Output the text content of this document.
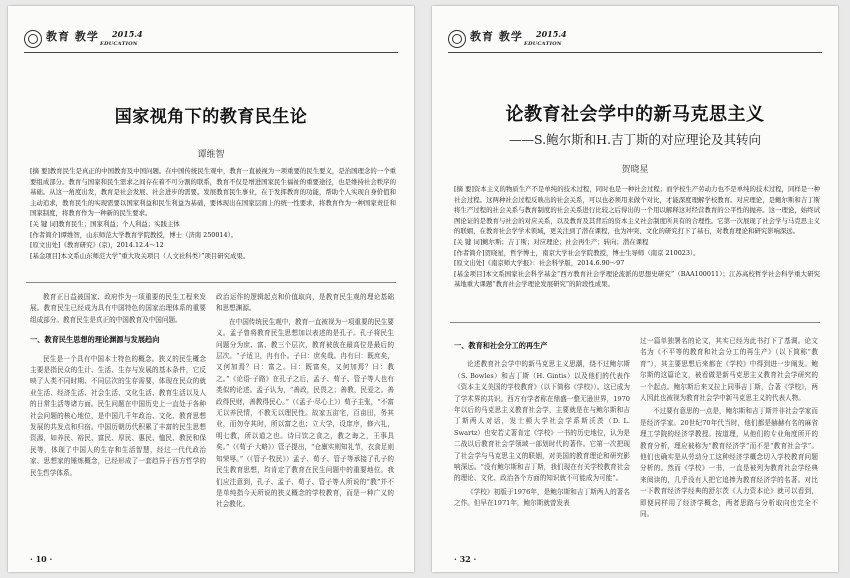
教育 教学 2015.4
EDUCATION
国家视角下的教育民生论
谭维智

[摘 要]教育民生是真正的中国教育及中国问题。在中国传统民生观中，教育一直被视为一项重要的民生要义，是治国理念的一个重要组成部分。教育与国家和民生需求之间存在着不可分割的联系，教育不仅是增进国家民生福祉的重要途径，也是维持社会秩序的基础。从这一角度出发，教育是社会发展、社会进步的需要。发展教育民生事业，在于发挥教育的功能，帮助个人实现自身价值和主动追求，教育民生的实现需要以国家利益和民生利益为基础，要体现出在国家层面上的统一性要求，将教育作为一种国家责任和国家制度，将教育作为一种新的民生要求。

[关 键 词]教育民生；国家利益；个人利益；实践主体

[作者简介]谭维智，山东师范大学教育学院教授，博士（济南 250014）。

[原文出处]《教育研究》(京)，2014.12.4～12

[基金项目]本文系山东师范大学“重大攻关项目（人文社科类）”项目研究成果。

教育正日益被国家、政府作为一项重要的民生工程来发展。教育民生已经成为具有中国特色的国家治理体系的重要组成部分。教育民生是真正的中国教育及中国问题。

一、教育民生思想的理论渊源与发展趋向

民生是一个具有中国本土特色的概念。狭义的民生概念主要是指民众的生计、生活、生存与发展的基本条件，它反映了人类不同时期、不同层次的生存需要，体现在民众的就业生活、经济生活、社会生活、文化生活、教育生活以及人的日常生活等诸方面。民生问题在中国历史上一直处于各种社会问题的核心地位，是中国几千年政治、文化、教育思想发展的共发点和归宿。中国历朝历代积累了丰富的民生思想资源，如养民、裕民、富民、厚民、惠民、恤民、教民和保民等，体现了中国人的生存和生活智慧，经过一代代政治家、思想家的锤炼概念，已经形成了一套趋异于西方哲学的民生哲学体系。

政治运作的逻辑起点和价值取向，是教育民生观的理论基础和思想渊源。

在中国传统民生观中，教育一直被视为一项重要的民生要义。孟子曾将教育民生思想加以表述的是孔子。孔子将民生问题分为庶、富、教三个层次，教育被放在最高位是最后的层次。“子适卫，冉有仆。子曰：庶矣哉。冉有曰：既庶矣，又何加焉？曰：富之。曰：既富矣，又何加焉？曰：教之。”《论语·子路》在孔子之后，孟子、荀子、管子等人也有类似的论述。孟子认为，“善政，民畏之；善教，民爱之。善政得民财，善教得民心。”（《孟子·尽心上》）荀子主张，“不富无以养民情，不教无以理民性。故家五亩宅，百亩田，务其业，而勿夺其时，所以富之也；立大学，设庠序，修六礼，明七教，所以道之也。诗曰饮之食之，教之诲之，王事具矣。”（《荀子·大略》）管子提出，“仓廪实则知礼节，衣食足则知荣辱。”（《管子·牧民》）孟子、荀子、管子等承接了孔子的民生教育思想，均肯定了教育在民生问题中的重要地位。我们应注意到，孔子、孟子、荀子、管子等人所说的“教”并不是单纯指今天所说的狭义概念的学校教育，而是一种广义的社会教化。

· 10 ·
教育 教学 2015.4
EDUCATION
论教育社会学中的新马克思主义
——S.鲍尔斯和H.吉丁斯的对应理论及其转向
贺晓星

[摘 要]资本主义的物质生产不是单纯的技术过程，同时也是一种社会过程；而学校生产劳动力也不是单纯的技术过程，同样是一种社会过程。这两种社会过程反映出的社会关系，可以也必须用来做个对比，才能深度理解学校教育。对应理论，是鲍尔斯和吉丁斯将生产过程的社会关系与教育制度的社会关系进行比较之后得出的一个用以解释这对经营教育的公平性的抛弃。这一理论，始终试图论证的是教育与社会的对应关系，以及教育及其背后的资本主义社会制度所具有的合理性。它第一次展现了社会学与马克思主义的联姻，在教育社会学学术领域，更关注到了潜在课程，也为冲突、文化的研究打下了基石，对教育理论和研究影响深远。

[关 键 词]鲍尔斯；吉丁斯；对应理论；社会再生产；转向；潜在课程

[作者简介]贺晓星，哲学博士，南京大学社会学院教授，博士生导师（南京 210023）。

[原文出处]《南京师大学报》：社会科学版，2014.6.90～97

[基金项目]本文系国家社会科学基金“西方教育社会学理论流派的思想史研究”（BAA100011）；江苏高校哲学社会科学重大研究基地重大课题“教育社会学理论发展研究”的阶段性成果。

一、教育和社会分工的再生产

论述教育社会学中的新马克思主义思潮，绕不过鲍尔斯（S. Bowles）和吉丁斯（H. Gintis）以及他们的代表作《资本主义美国的学校教育》（以下简称《学校》）。这已成为了学术界的共识。西方有学者称在鼎盛一整无逊世界，1970年以后的马克思主义教育社会学，主要就是在与鲍尔斯和吉丁斯两人对话，发士顿大学社会学系斯沃茨（D. L. Swartz）也安若丈著肯定《学校》一书的历史地位，认为是二战以后教育社会学领域一部划时代的著作。它第一次把现了社会学与马克思主义的联姻，对美国的教育理论和研究影响深远。“没有鲍尔斯和吉丁斯，我们现在有关学校教育社会的理论、文化、政治各个方面的知识就不可能成为可能”。

《学校》初版于1976年，是鲍尔斯和吉丁斯两人的著名之作。但早在1971年，鲍尔斯就曾发表

过一篇单独署名的论文，其实已经为此书打下了基调。论文名为《不平等的教育和社会分工的再生产》（以下简称“教育”），其主要思想后来都在《学校》中得到进一步阐发。鲍尔斯的这篇论文，被看做是新马克思主义教育社会学研究的一个起点。鲍尔斯后来又拉上同事吉丁斯，合著《学校》，两人因此也被视为教育社会学中新马克思主义的代表人物。

不过要有意思的一点是，鲍尔斯和吉丁斯并非社会学家而是经济学家。20世纪70年代当时，他们都是赫赫有名的麻省理工学院的经济学教授。按道理，从他们的专业角度所开的教育分析，理应被称为“教育经济学”而不是“教育社会学”。他们也确实是从劳动分工这种经济学概念切入学校教育问题分析的。然而《学校》一书，一直是被列为教育社会学经典来阅读的，几乎没有人把它追捧为教育经济学的名著。对比一下教育经济学经典的舒尔茨《人力资本论》就可以看到，即便同样用了经济学概念，两者思路与分析取向也完全不同。

· 32 ·
